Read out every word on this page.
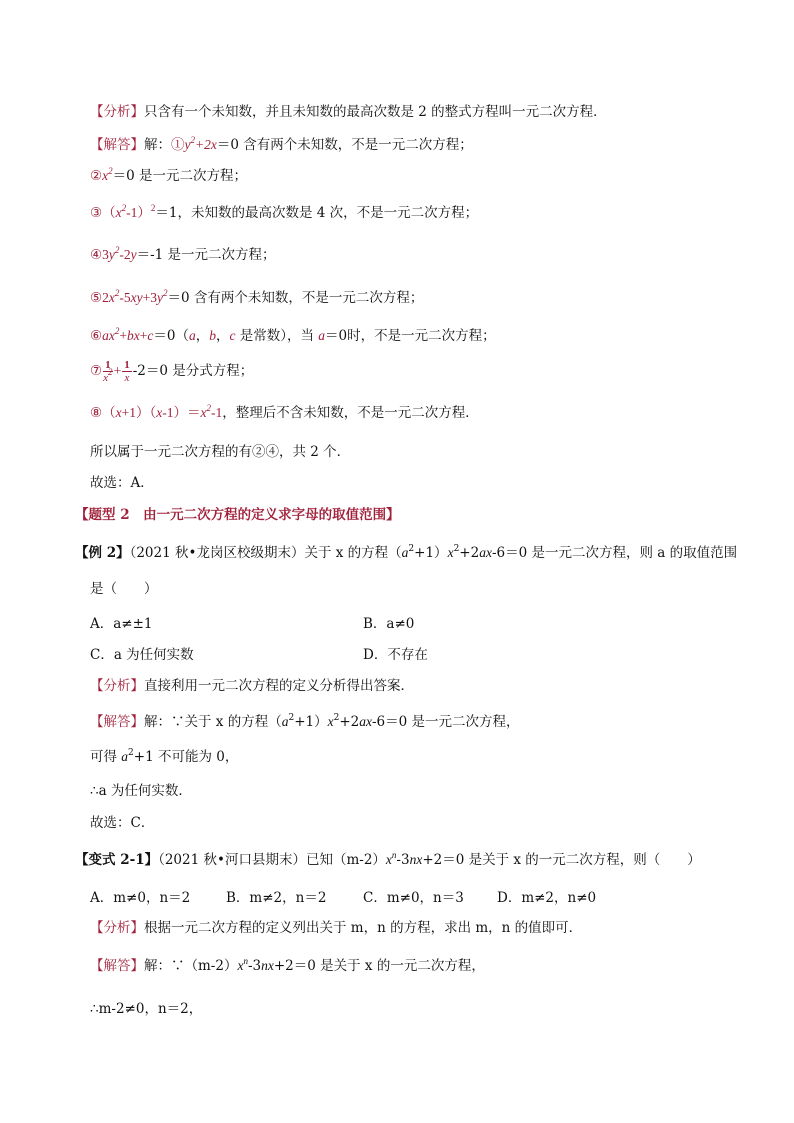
【分析】只含有一个未知数，并且未知数的最高次数是 2 的整式方程叫一元二次方程．
【解答】解：$①y^2+2x=0$ 含有两个未知数，不是一元二次方程；
$②x^2=0$ 是一元二次方程；
$③(x^2-1)^2=1$，未知数的最高次数是 4 次，不是一元二次方程；
$④3y^2-2y=-1$ 是一元二次方程；
$⑤2x^2-5xy+3y^2=0$ 含有两个未知数，不是一元二次方程；
$⑥ax^2+bx+c=0(a$，b，c 是常数），当 a＝0时，不是一元二次方程；
⑦ $\frac{1}{x^2} + \frac{1}{x} -2=0$ 是分式方程；
$⑧(x+1)(x-1)=x^2-1$，整理后不含未知数，不是一元二次方程．
所以属于一元二次方程的有②④，共 2 个．
故选：A．
【题型 2　由一元二次方程的定义求字母的取值范围】
【例 2】（2021 秋•龙岗区校级期末）关于 x 的方程$(a^2+1)x^2+2ax-6=0$ 是一元二次方程，则 a 的取值范围
是（　　）
A．a≠±1	B．a≠0
C．a 为任何实数	D．不存在
【分析】直接利用一元二次方程的定义分析得出答案．
【解答】解：∵关于 x 的方程$(a^2+1)x^2+2ax-6=0$ 是一元二次方程，
可得 $a^2+1$ 不可能为 0，
∴a 为任何实数．
故选：C．
【变式 2-1】（2021 秋•河口县期末）已知$(m-2)x^n-3nx+2=0$ 是关于 x 的一元二次方程，则（　　）
A．m≠0，n＝2	B．m≠2，n＝2	C．m≠0，n＝3 D．m≠2，n≠0
【分析】根据一元二次方程的定义列出关于 m，n 的方程，求出 m，n 的值即可．
【解答】解：$\because(m-2)x^n-3nx+2=0$ 是关于 x 的一元二次方程，
∴m-2≠0，n＝2，
